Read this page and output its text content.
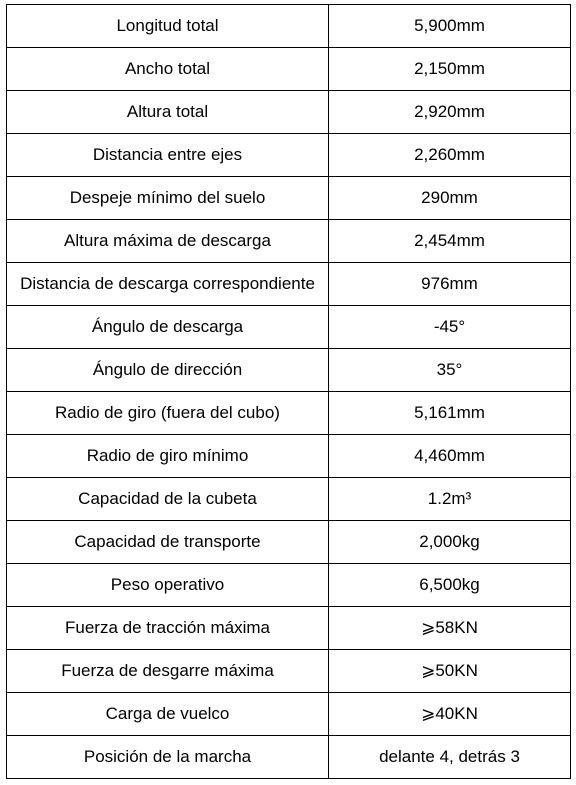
Longitud total	5,900mm
Ancho total	2,150mm
Altura total	2,920mm
Distancia entre ejes	2,260mm
Despeje mínimo del suelo	290mm
Altura máxima de descarga	2,454mm
Distancia de descarga correspondiente	976mm
Ángulo de descarga	-45°
Ángulo de dirección	35°
Radio de giro (fuera del cubo)	5,161mm
Radio de giro mínimo	4,460mm
Capacidad de la cubeta	1.2m³
Capacidad de transporte	2,000kg
Peso operativo	6,500kg
Fuerza de tracción máxima	⩾58KN
Fuerza de desgarre máxima	⩾50KN
Carga de vuelco	⩾40KN
Posición de la marcha	delante 4, detrás 3
